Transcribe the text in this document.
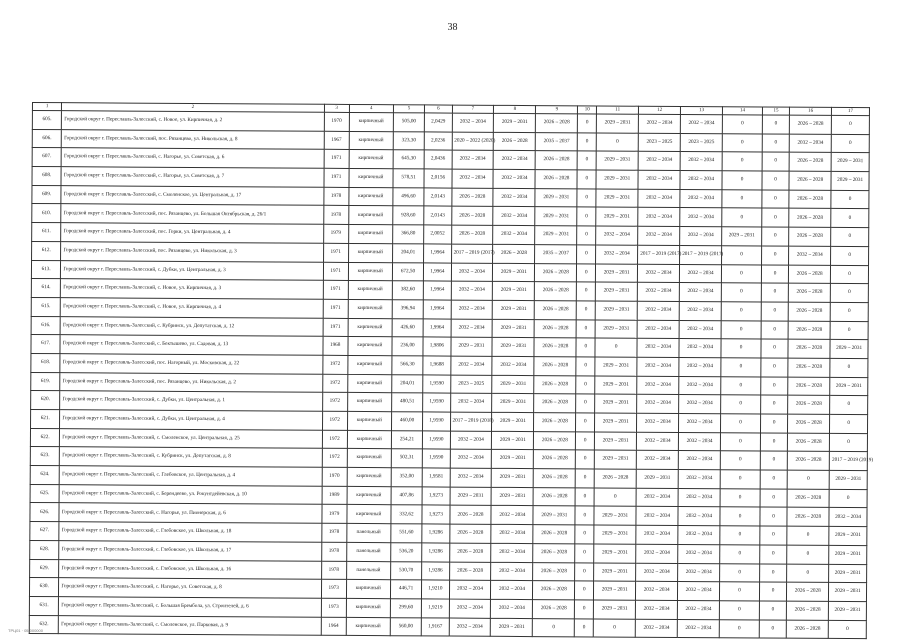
38
1	2	3	4	5	6	7	8	9	10	11	12	13	14	15	16	17
605.	Городской округ г. Переславль-Залесский, с. Новое, ул. Кирпичная, д. 2	1970	кирпичный	505,00	2,0429	2032 – 2034	2029 – 2031	2026 – 2028	0	2029 – 2031	2032 – 2034	2032 – 2034	0	0	2026 – 2028	0
606.	Городской округ г. Переславль-Залесский, пос. Рязанцево, ул. Никольская, д. 8	1967	кирпичный	323,30	2,0236	2020 – 2022 (2020)	2026 – 2028	2035 – 2037	0	0	2023 – 2025	2023 – 2025	0	0	2032 – 2034	0
607.	Городской округ г. Переславль-Залесский, с. Нагорье, ул. Советская, д. 6	1971	кирпичный	645,30	2,0436	2032 – 2034	2032 – 2034	2026 – 2028	0	2029 – 2031	2032 – 2034	2032 – 2034	0	0	2026 – 2028	2029 – 2031
608.	Городской округ г. Переславль-Залесский, с. Нагорье, ул. Советская, д. 7	1971	кирпичный	578,51	2,0156	2032 – 2034	2032 – 2034	2026 – 2028	0	2029 – 2031	2032 – 2034	2032 – 2034	0	0	2026 – 2028	2029 – 2031
609.	Городской округ г. Переславль-Залесский, с. Смоленское, ул. Центральная, д. 17	1978	кирпичный	496,60	2,0143	2026 – 2028	2032 – 2034	2029 – 2031	0	2029 – 2031	2032 – 2034	2032 – 2034	0	0	2026 – 2028	0
610.	Городской округ г. Переславль-Залесский, пос. Рязанцево, ул. Большая Октябрьская, д. 26/1	1978	кирпичный	928,60	2,0143	2026 – 2028	2032 – 2034	2029 – 2031	0	2029 – 2031	2032 – 2034	2032 – 2034	0	0	2026 – 2028	0
611.	Городской округ г. Переславль-Залесский, пос. Горки, ул. Центральная, д. 4	1979	кирпичный	366,80	2,0052	2026 – 2028	2032 – 2034	2029 – 2031	0	2032 – 2034	2032 – 2034	2032 – 2034	2029 – 2031	0	2026 – 2028	0
612.	Городской округ г. Переславль-Залесский, пос. Рязанцево, ул. Никольская, д. 3	1971	кирпичный	204,01	1,9964	2017 – 2019 (2017)	2026 – 2028	2035 – 2037	0	2032 – 2034	2017 – 2019 (2017)	2017 – 2019 (2017)	0	0	2032 – 2034	0
613.	Городской округ г. Переславль-Залесский, с. Дубки, ул. Центральная, д. 3	1971	кирпичный	672,50	1,9964	2032 – 2034	2029 – 2031	2026 – 2028	0	2029 – 2031	2032 – 2034	2032 – 2034	0	0	2026 – 2028	0
614.	Городской округ г. Переславль-Залесский, с. Новое, ул. Кирпичная, д. 3	1971	кирпичный	382,60	1,9964	2032 – 2034	2029 – 2031	2026 – 2028	0	2029 – 2031	2032 – 2034	2032 – 2034	0	0	2026 – 2028	0
615.	Городской округ г. Переславль-Залесский, с. Новое, ул. Кирпичная, д. 4	1971	кирпичный	396,94	1,9964	2032 – 2034	2029 – 2031	2026 – 2028	0	2029 – 2031	2032 – 2034	2032 – 2034	0	0	2026 – 2028	0
616.	Городской округ г. Переславль-Залесский, с. Кубринск, ул. Депутатская, д. 12	1971	кирпичный	426,60	1,9964	2032 – 2034	2029 – 2031	2026 – 2028	0	2029 – 2031	2032 – 2034	2032 – 2034	0	0	2026 – 2028	0
617.	Городской округ г. Переславль-Залесский, с. Бектышево, ул. Садовая, д. 13	1968	кирпичный	236,00	1,9806	2029 – 2031	2029 – 2031	2026 – 2028	0	0	2032 – 2034	2032 – 2034	0	0	2026 – 2028	2029 – 2031
618.	Городской округ г. Переславль-Залесский, пос. Нагорный, ул. Московская, д. 22	1972	кирпичный	566,30	1,9688	2032 – 2034	2032 – 2034	2026 – 2028	0	2029 – 2031	2032 – 2034	2032 – 2034	0	0	2026 – 2028	0
619.	Городской округ г. Переславль-Залесский, пос. Рязанцево, ул. Никольская, д. 2	1972	кирпичный	204,01	1,9590	2023 – 2025	2029 – 2031	2026 – 2028	0	2029 – 2031	2032 – 2034	2032 – 2034	0	0	2026 – 2028	2029 – 2031
620.	Городской округ г. Переславль-Залесский, с. Дубки, ул. Центральная, д. 1	1972	кирпичный	480,51	1,9590	2032 – 2034	2029 – 2031	2026 – 2028	0	2029 – 2031	2032 – 2034	2032 – 2034	0	0	2026 – 2028	0
621.	Городской округ г. Переславль-Залесский, с. Дубки, ул. Центральная, д. 4	1972	кирпичный	460,00	1,9590	2017 – 2019 (2018)	2029 – 2031	2026 – 2028	0	2029 – 2031	2032 – 2034	2032 – 2034	0	0	2026 – 2028	0
622.	Городской округ г. Переславль-Залесский, с. Смоленское, ул. Центральная, д. 25	1972	кирпичный	254,21	1,9590	2032 – 2034	2029 – 2031	2026 – 2028	0	2029 – 2031	2032 – 2034	2032 – 2034	0	0	2026 – 2028	0
623.	Городской округ г. Переславль-Залесский, с. Кубринск, ул. Депутатская, д. 8	1972	кирпичный	502,31	1,9590	2032 – 2034	2029 – 2031	2026 – 2028	0	2029 – 2031	2032 – 2034	2032 – 2034	0	0	2026 – 2028	2017 – 2019 (2019)
624.	Городской округ г. Переславль-Залесский, с. Глебовское, ул. Центральная, д. 4	1970	кирпичный	352,00	1,9581	2032 – 2034	2029 – 2031	2026 – 2028	0	2026 – 2028	2029 – 2031	2032 – 2034	0	0	0	2029 – 2031
625.	Городской округ г. Переславль-Залесский, с. Берендеево, ул. Рокунтдейевская, д. 10	1989	кирпичный	407,86	1,9273	2029 – 2031	2029 – 2031	2026 – 2028	0	0	2032 – 2034	2032 – 2034	0	0	2026 – 2028	0
626.	Городской округ г. Переславль-Залесский, с. Нагорье, ул. Пионерская, д. 6	1979	кирпичный	332,62	1,9273	2026 – 2028	2032 – 2034	2029 – 2031	0	2029 – 2031	2032 – 2034	2032 – 2034	0	0	2026 – 2028	2032 – 2034
627.	Городской округ г. Переславль-Залесский, с. Глебовское, ул. Школьная, д. 18	1978	панельный	551,60	1,9286	2026 – 2028	2032 – 2034	2026 – 2028	0	2029 – 2031	2032 – 2034	2032 – 2034	0	0	0	2029 – 2031
628.	Городской округ г. Переславль-Залесский, с. Глебовское, ул. Школьная, д. 17	1978	панельный	536,20	1,9286	2026 – 2028	2032 – 2034	2026 – 2028	0	2029 – 2031	2032 – 2034	2032 – 2034	0	0	0	2029 – 2031
629.	Городской округ г. Переславль-Залесский, с. Глебовское, ул. Школьная, д. 16	1978	панельный	530,70	1,9286	2026 – 2028	2032 – 2034	2026 – 2028	0	2029 – 2031	2032 – 2034	2032 – 2034	0	0	0	2029 – 2031
630.	Городской округ г. Переславль-Залесский, с. Нагорье, ул. Советская, д. 8	1973	кирпичный	446,71	1,9210	2032 – 2034	2032 – 2034	2026 – 2028	0	2029 – 2031	2032 – 2034	2032 – 2034	0	0	2026 – 2028	2029 – 2031
631.	Городской округ г. Переславль-Залесский, с. Большая Брембола, ул. Строителей, д. 6	1973	кирпичный	299,60	1,9219	2032 – 2034	2032 – 2034	2026 – 2028	0	2029 – 2031	2032 – 2034	2032 – 2034	0	0	2026 – 2028	2029 – 2031
632.	Городской округ г. Переславль-Залесский, с. Смоленское, ул. Парковая, д. 9	1964	кирпичный	560,00	1,9167	2032 – 2034	2029 – 2031	0	0	0	2032 – 2034	2032 – 2034	0	0	2026 – 2028	0
ТРЦ01 · 05.000000
